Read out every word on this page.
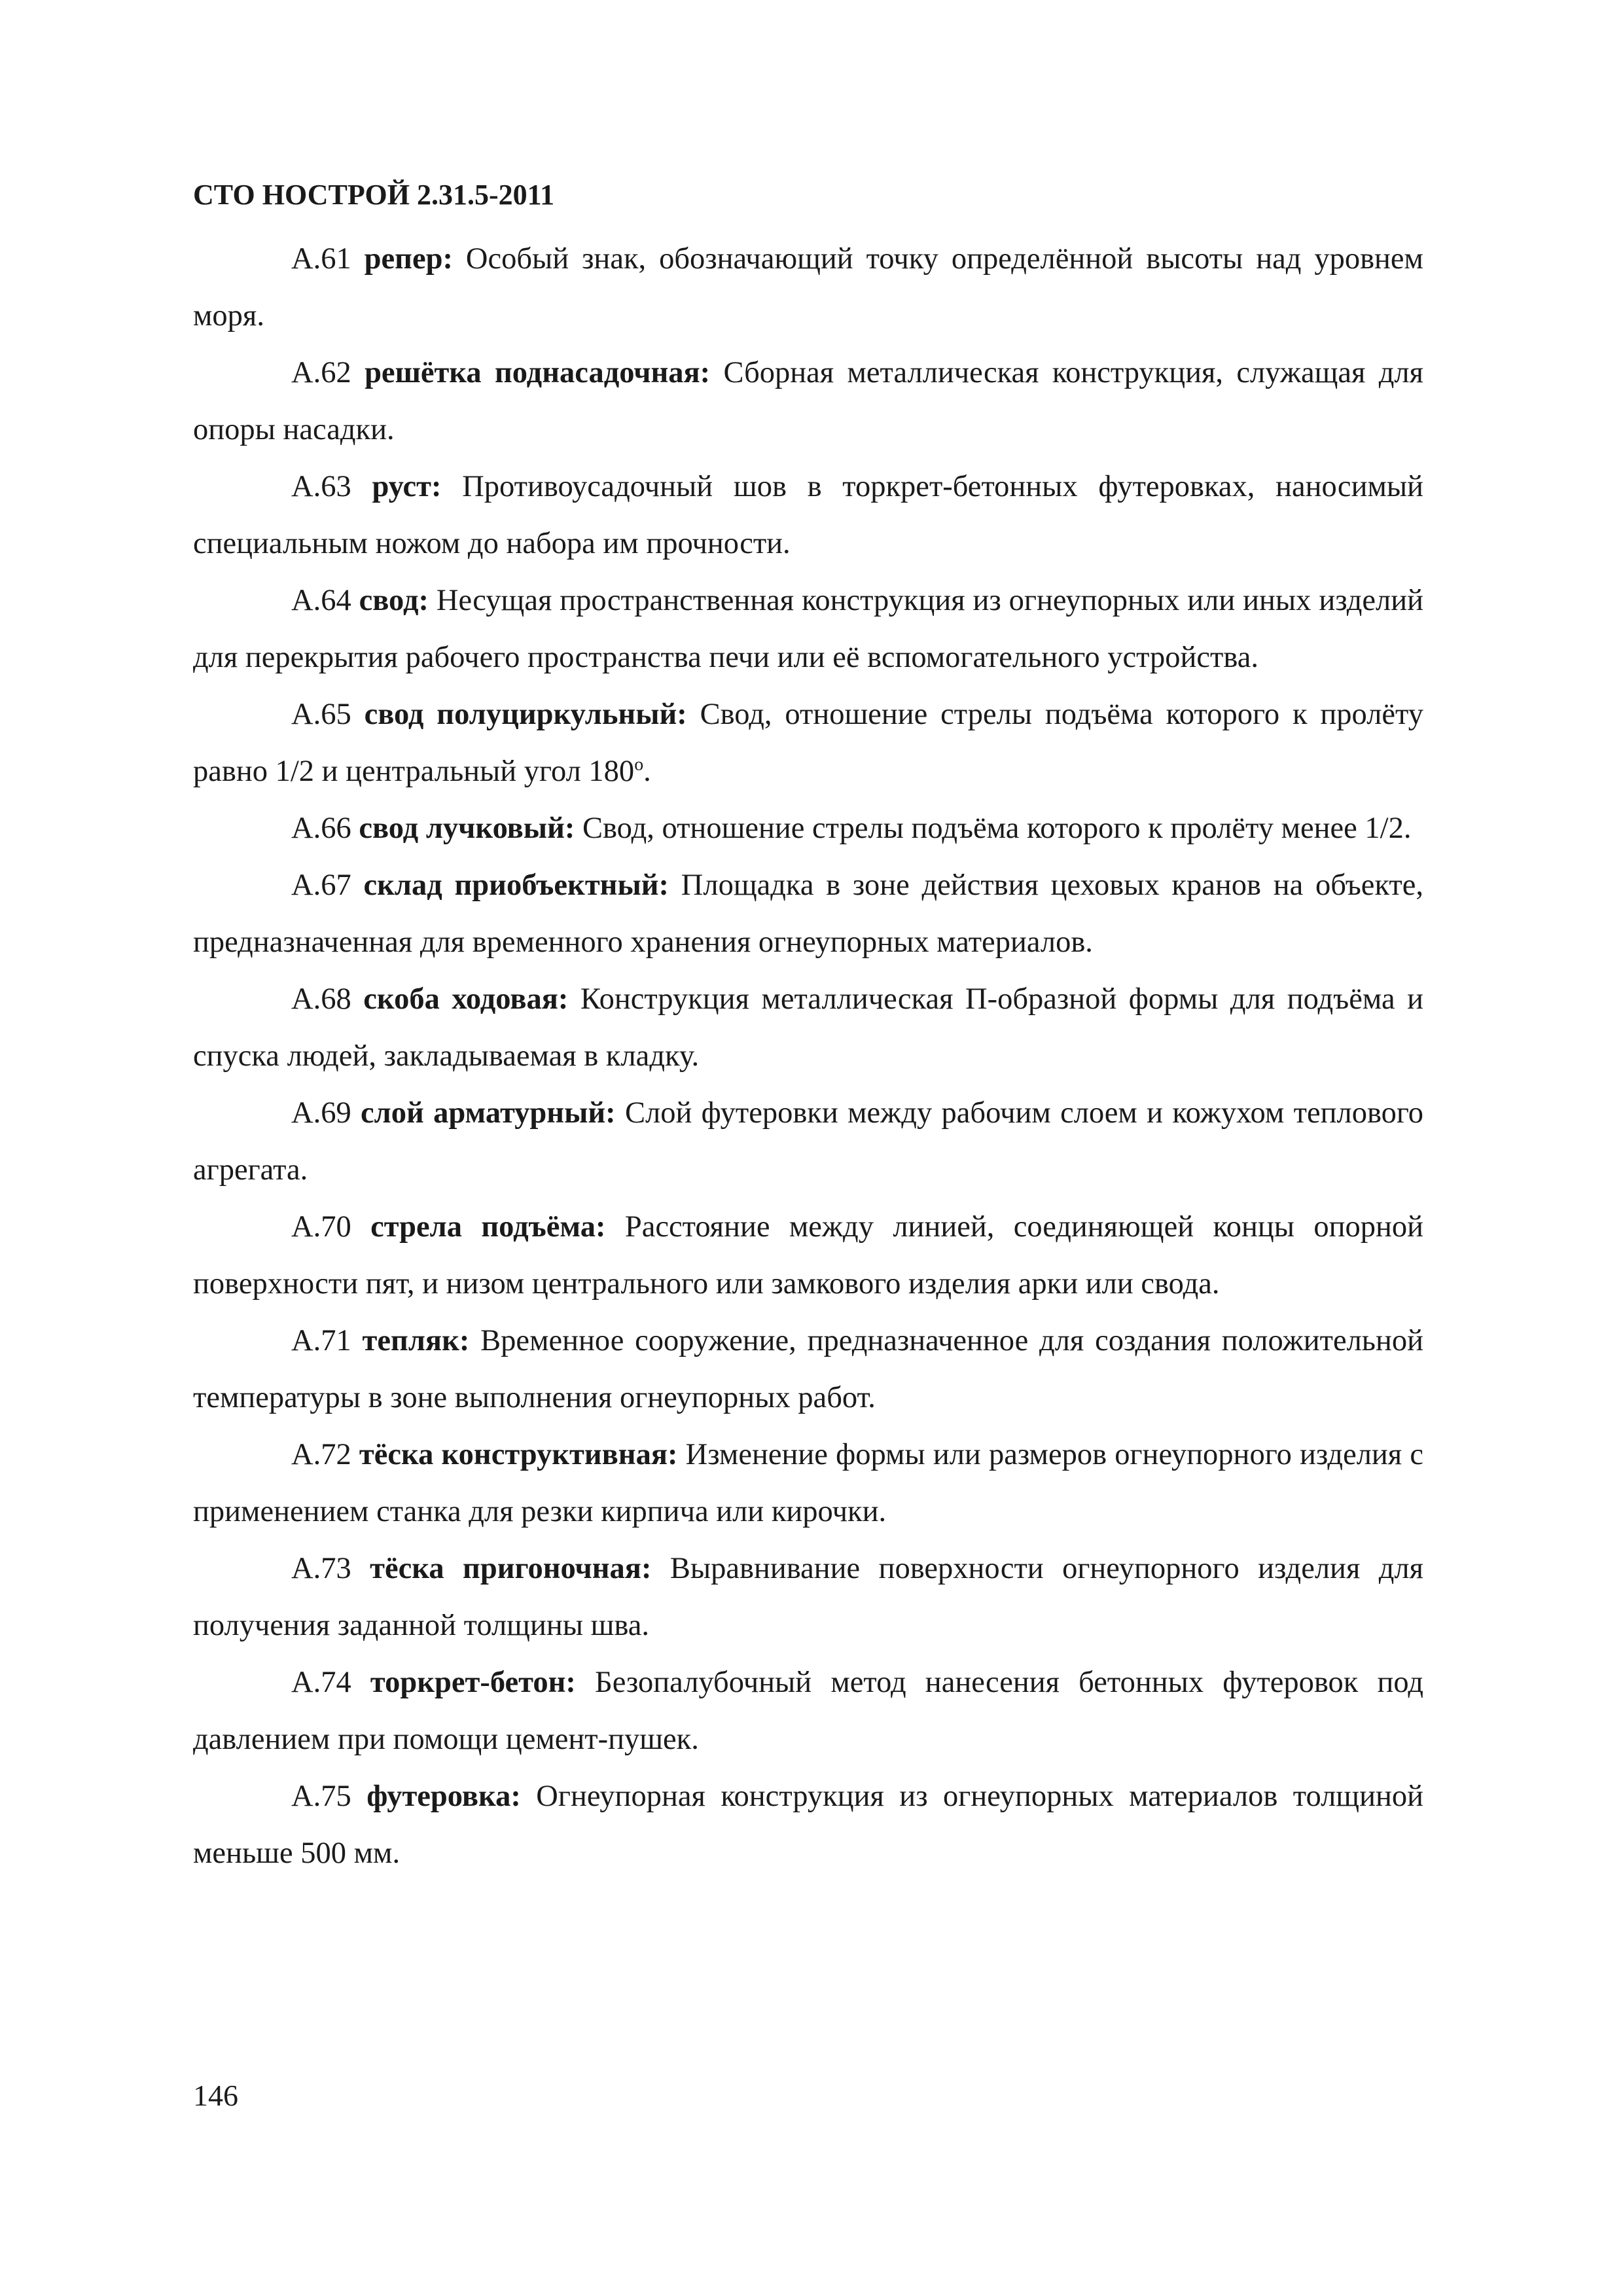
СТО НОСТРОЙ 2.31.5-2011

А.61 репер: Особый знак, обозначающий точку определённой высоты над уровнем моря.

А.62 решётка поднасадочная: Сборная металлическая конструкция, служащая для опоры насадки.

А.63 руст: Противоусадочный шов в торкрет-бетонных футеровках, наносимый специальным ножом до набора им прочности.

А.64 свод: Несущая пространственная конструкция из огнеупорных или иных изделий для перекрытия рабочего пространства печи или её вспомогательного устройства.

А.65 свод полуциркульный: Свод, отношение стрелы подъёма которого к пролёту равно 1/2 и центральный угол $180^о$.

А.66 свод лучковый: Свод, отношение стрелы подъёма которого к пролёту менее 1/2.

А.67 склад приобъектный: Площадка в зоне действия цеховых кранов на объекте, предназначенная для временного хранения огнеупорных материалов.

А.68 скоба ходовая: Конструкция металлическая П-образной формы для подъёма и спуска людей, закладываемая в кладку.

А.69 слой арматурный: Слой футеровки между рабочим слоем и кожухом теплового агрегата.

А.70 стрела подъёма: Расстояние между линией, соединяющей концы опорной поверхности пят, и низом центрального или замкового изделия арки или свода.

А.71 тепляк: Временное сооружение, предназначенное для создания положительной температуры в зоне выполнения огнеупорных работ.

А.72 тёска конструктивная: Изменение формы или размеров огнеупорного изделия с применением станка для резки кирпича или кирочки.

А.73 тёска пригоночная: Выравнивание поверхности огнеупорного изделия для получения заданной толщины шва.

А.74 торкрет-бетон: Безопалубочный метод нанесения бетонных футеровок под давлением при помощи цемент-пушек.

А.75 футеровка: Огнеупорная конструкция из огнеупорных материалов толщиной меньше 500 мм.

146
